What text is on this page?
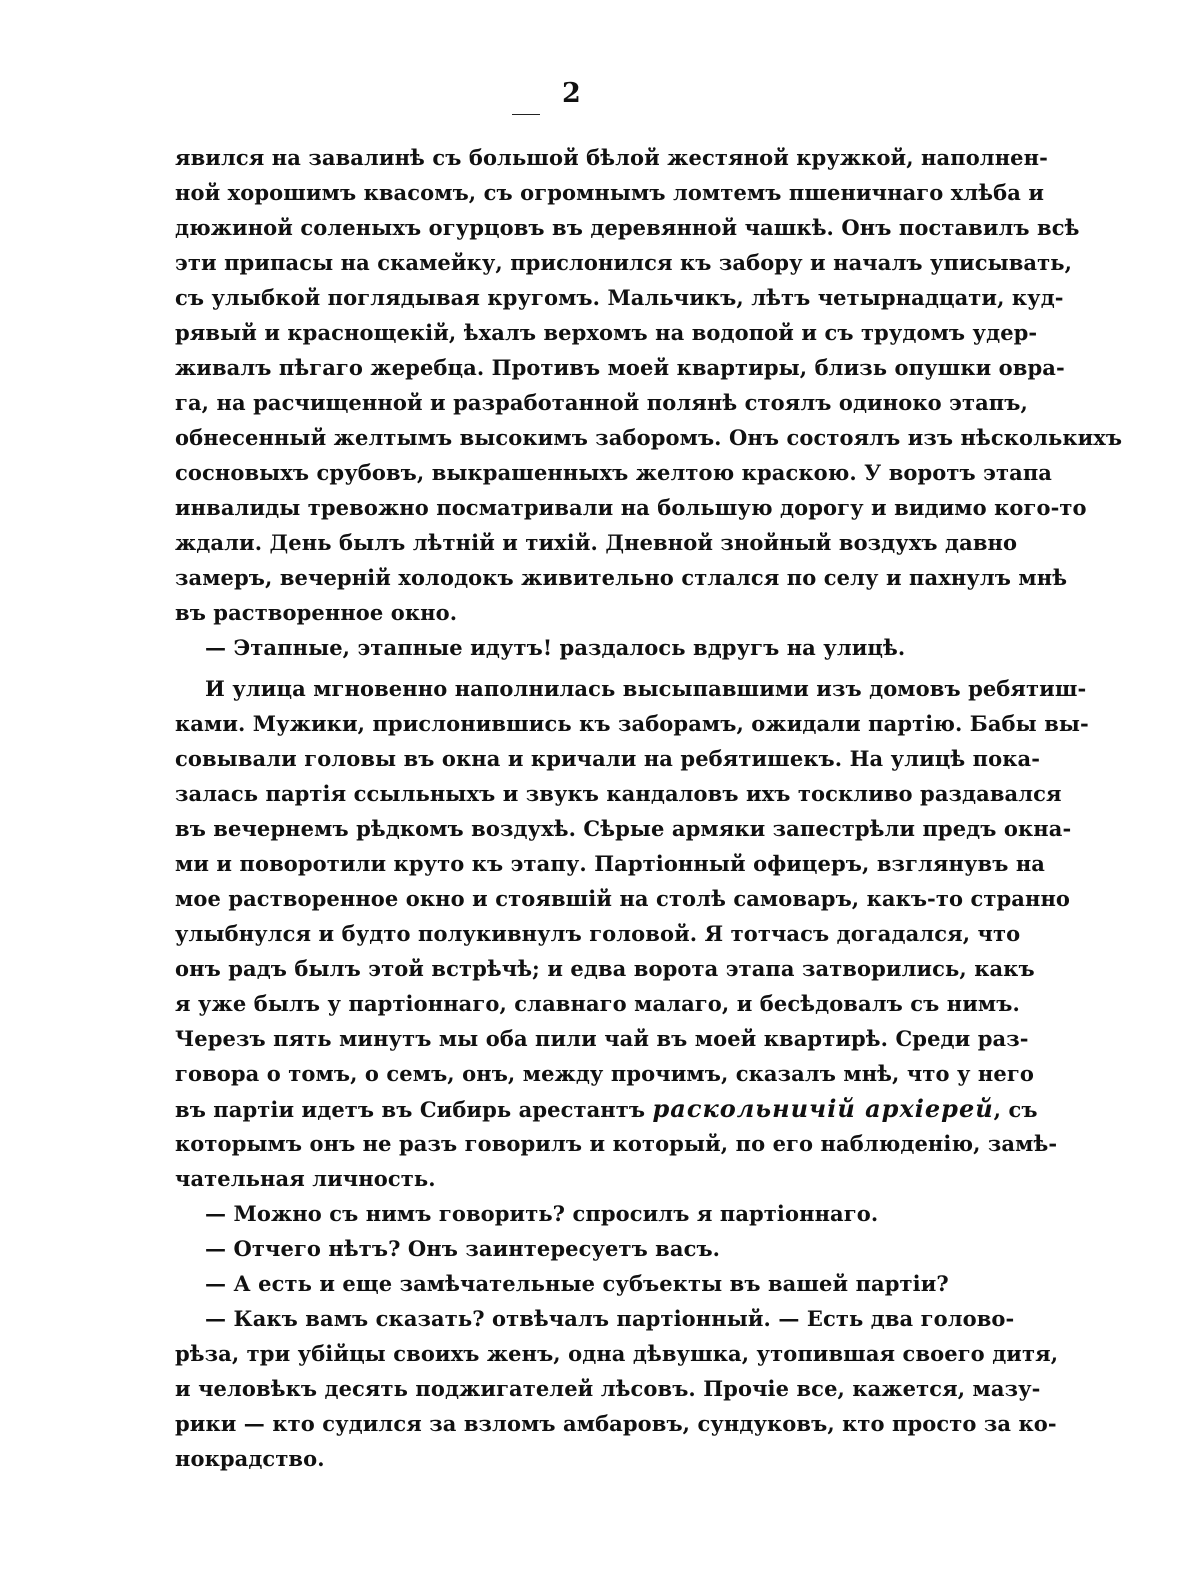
2
явился на завалинѣ съ большой бѣлой жестяной кружкой, наполнен-
ной хорошимъ квасомъ, съ огромнымъ ломтемъ пшеничнаго хлѣба и
дюжиной соленыхъ огурцовъ въ деревянной чашкѣ. Онъ поставилъ всѣ
эти припасы на скамейку, прислонился къ забору и началъ уписывать,
съ улыбкой поглядывая кругомъ. Мальчикъ, лѣтъ четырнадцати, куд-
рявый и краснощекій, ѣхалъ верхомъ на водопой и съ трудомъ удер-
живалъ пѣгаго жеребца. Противъ моей квартиры, близь опушки овра-
га, на расчищенной и разработанной полянѣ стоялъ одиноко этапъ,
обнесенный желтымъ высокимъ заборомъ. Онъ состоялъ изъ нѣсколькихъ
сосновыхъ срубовъ, выкрашенныхъ желтою краскою. У воротъ этапа
инвалиды тревожно посматривали на большую дорогу и видимо кого-то
ждали. День былъ лѣтній и тихій. Дневной знойный воздухъ давно
замеръ, вечерній холодокъ живительно стлался по селу и пахнулъ мнѣ
въ растворенное окно.
— Этапные, этапные идутъ! раздалось вдругъ на улицѣ.
И улица мгновенно наполнилась высыпавшими изъ домовъ ребятиш-
ками. Мужики, прислонившись къ заборамъ, ожидали партію. Бабы вы-
совывали головы въ окна и кричали на ребятишекъ. На улицѣ пока-
залась партія ссыльныхъ и звукъ кандаловъ ихъ тоскливо раздавался
въ вечернемъ рѣдкомъ воздухѣ. Сѣрые армяки запестрѣли предъ окна-
ми и поворотили круто къ этапу. Партіонный офицеръ, взглянувъ на
мое растворенное окно и стоявшій на столѣ самоваръ, какъ-то странно
улыбнулся и будто полукивнулъ головой. Я тотчасъ догадался, что
онъ радъ былъ этой встрѣчѣ; и едва ворота этапа затворились, какъ
я уже былъ у партіоннаго, славнаго малаго, и бесѣдовалъ съ нимъ.
Черезъ пять минутъ мы оба пили чай въ моей квартирѣ. Среди раз-
говора о томъ, о семъ, онъ, между прочимъ, сказалъ мнѣ, что у него
въ партіи идетъ въ Сибирь арестантъ раскольничій архіерей, съ
которымъ онъ не разъ говорилъ и который, по его наблюденію, замѣ-
чательная личность.
— Можно съ нимъ говорить? спросилъ я партіоннаго.
— Отчего нѣтъ? Онъ заинтересуетъ васъ.
— А есть и еще замѣчательные субъекты въ вашей партіи?
— Какъ вамъ сказать? отвѣчалъ партіонный. — Есть два голово-
рѣза, три убійцы своихъ женъ, одна дѣвушка, утопившая своего дитя,
и человѣкъ десять поджигателей лѣсовъ. Прочіе все, кажется, мазу-
рики — кто судился за взломъ амбаровъ, сундуковъ, кто просто за ко-
нокрадство.
